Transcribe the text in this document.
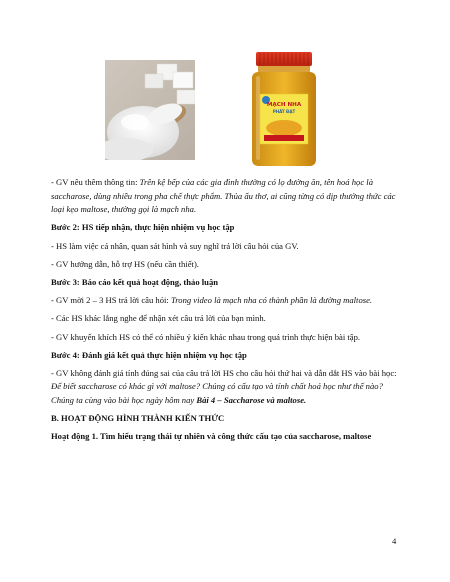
MẠCH NHA
PHÁT ĐẠT

- GV nêu thêm thông tin: Trên kệ bếp của các gia đình thường có lọ đường ăn, tên hoá học là saccharose, dùng nhiều trong pha chế thực phẩm. Thủa ấu thơ, ai cũng từng có dịp thưởng thức các loại kẹo maltose, thường gọi là mạch nha.

Bước 2: HS tiếp nhận, thực hiện nhiệm vụ học tập

- HS làm việc cá nhân, quan sát hình và suy nghĩ trả lời câu hỏi của GV.

- GV hướng dẫn, hỗ trợ HS (nếu cần thiết).

Bước 3: Báo cáo kết quả hoạt động, thảo luận

- GV mời 2 – 3 HS trả lời câu hỏi: Trong video là mạch nha có thành phần là đường maltose.

- Các HS khác lắng nghe để nhận xét câu trả lời của bạn mình.

- GV khuyến khích HS có thể có nhiều ý kiến khác nhau trong quá trình thực hiện bài tập.

Bước 4: Đánh giá kết quả thực hiện nhiệm vụ học tập

- GV không đánh giá tính đúng sai của câu trả lời HS cho câu hỏi thứ hai và dẫn dắt HS vào bài học: Để biết saccharose có khác gì với maltose? Chúng có cấu tạo và tính chất hoá học như thế nào? Chúng ta cùng vào bài học ngày hôm nay Bài 4 – Saccharose và maltose.

B. HOẠT ĐỘNG HÌNH THÀNH KIẾN THỨC

Hoạt động 1. Tìm hiểu trạng thái tự nhiên và công thức cấu tạo của saccharose, maltose

4
